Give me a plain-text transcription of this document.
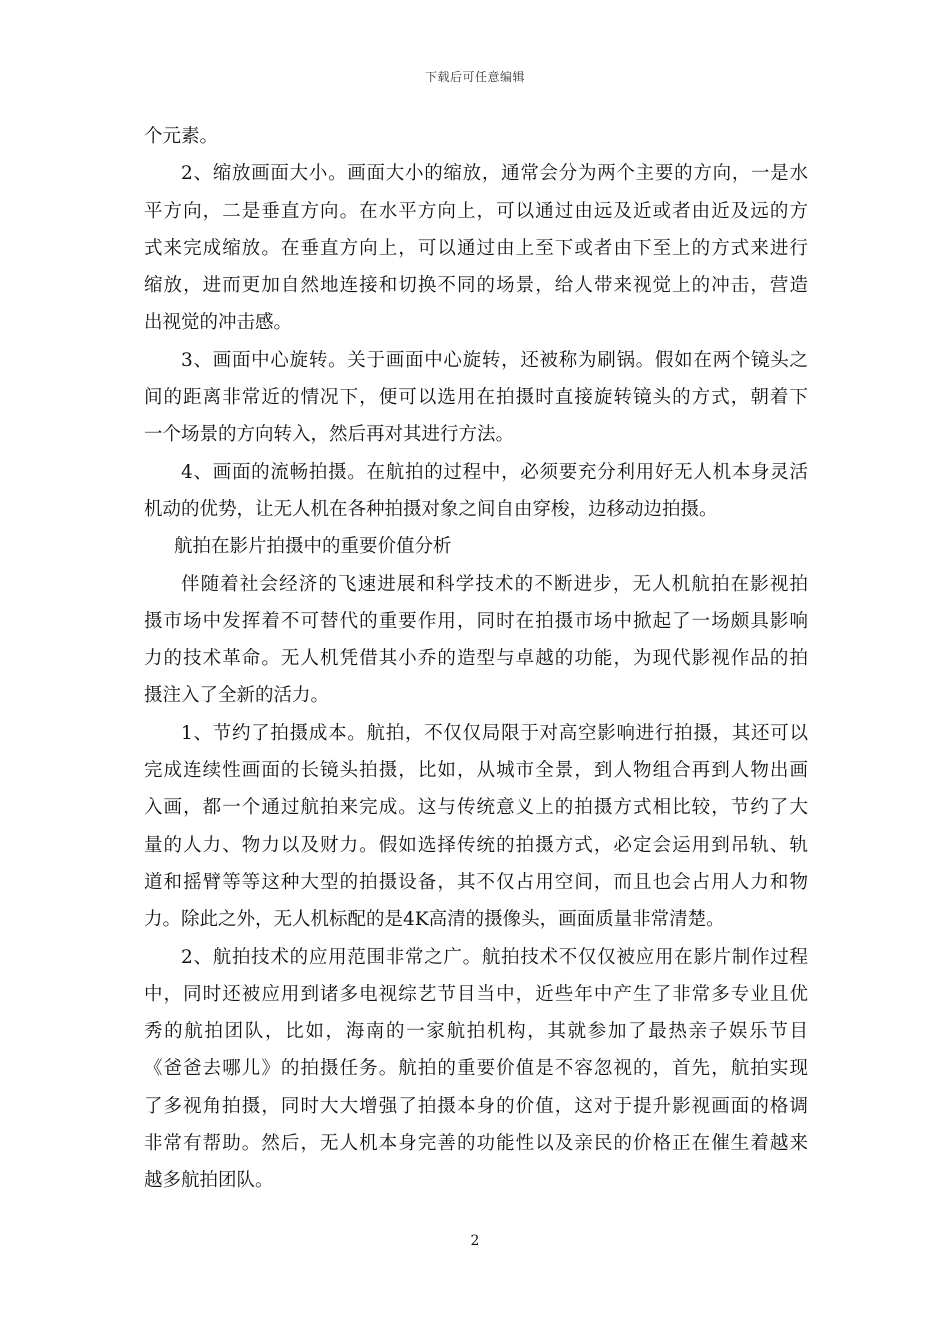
下载后可任意编辑
个元素。
2、缩放画面大小。画面大小的缩放，通常会分为两个主要的方向，一是水
平方向，二是垂直方向。在水平方向上，可以通过由远及近或者由近及远的方
式来完成缩放。在垂直方向上，可以通过由上至下或者由下至上的方式来进行
缩放，进而更加自然地连接和切换不同的场景，给人带来视觉上的冲击，营造
出视觉的冲击感。
3、画面中心旋转。关于画面中心旋转，还被称为刷锅。假如在两个镜头之
间的距离非常近的情况下，便可以选用在拍摄时直接旋转镜头的方式，朝着下
一个场景的方向转入，然后再对其进行方法。
4、画面的流畅拍摄。在航拍的过程中，必须要充分利用好无人机本身灵活
机动的优势，让无人机在各种拍摄对象之间自由穿梭，边移动边拍摄。
航拍在影片拍摄中的重要价值分析
伴随着社会经济的飞速进展和科学技术的不断进步，无人机航拍在影视拍
摄市场中发挥着不可替代的重要作用，同时在拍摄市场中掀起了一场颇具影响
力的技术革命。无人机凭借其小乔的造型与卓越的功能，为现代影视作品的拍
摄注入了全新的活力。
1、节约了拍摄成本。航拍，不仅仅局限于对高空影响进行拍摄，其还可以
完成连续性画面的长镜头拍摄，比如，从城市全景，到人物组合再到人物出画
入画，都一个通过航拍来完成。这与传统意义上的拍摄方式相比较，节约了大
量的人力、物力以及财力。假如选择传统的拍摄方式，必定会运用到吊轨、轨
道和摇臂等等这种大型的拍摄设备，其不仅占用空间，而且也会占用人力和物
力。除此之外，无人机标配的是4K高清的摄像头，画面质量非常清楚。
2、航拍技术的应用范围非常之广。航拍技术不仅仅被应用在影片制作过程
中，同时还被应用到诸多电视综艺节目当中，近些年中产生了非常多专业且优
秀的航拍团队，比如，海南的一家航拍机构，其就参加了最热亲子娱乐节目
《爸爸去哪儿》的拍摄任务。航拍的重要价值是不容忽视的，首先，航拍实现
了多视角拍摄，同时大大增强了拍摄本身的价值，这对于提升影视画面的格调
非常有帮助。然后，无人机本身完善的功能性以及亲民的价格正在催生着越来
越多航拍团队。
2
